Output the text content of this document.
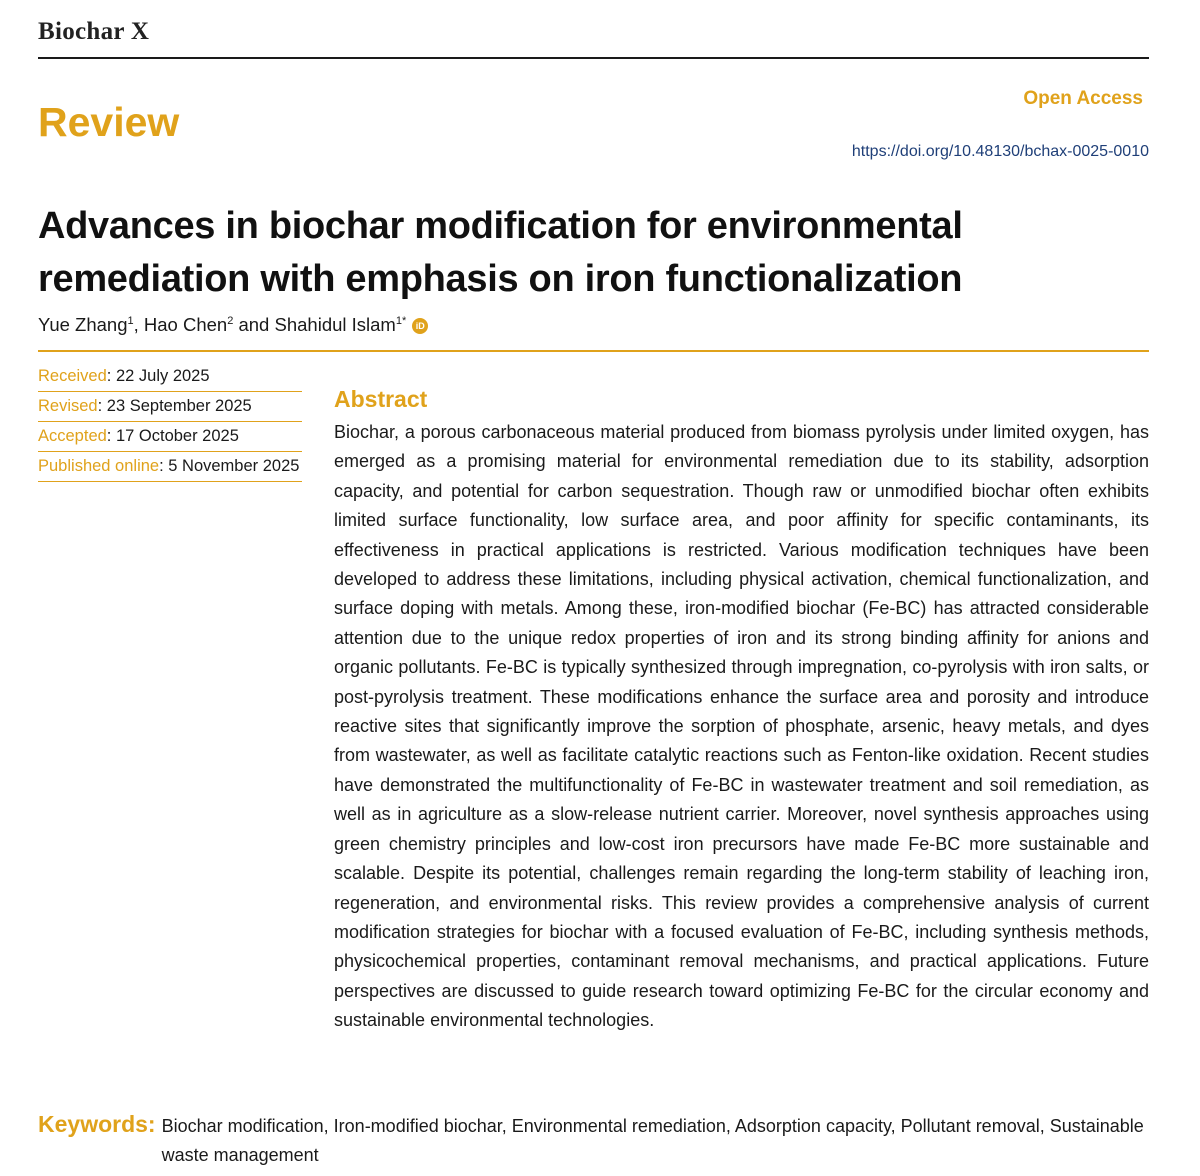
Biochar X
Open Access
Review
https://doi.org/10.48130/bchax-0025-0010
Advances in biochar modification for environmental remediation with emphasis on iron functionalization
Yue Zhang$^1$, Hao Chen$^2$ and Shahidul Islam$^{1*}$ iD
Received: 22 July 2025
Revised: 23 September 2025
Accepted: 17 October 2025
Published online: 5 November 2025
Abstract

Biochar, a porous carbonaceous material produced from biomass pyrolysis under limited oxygen, has emerged as a promising material for environmental remediation due to its stability, adsorption capacity, and potential for carbon sequestration. Though raw or unmodified biochar often exhibits limited surface functionality, low surface area, and poor affinity for specific contaminants, its effectiveness in practical applications is restricted. Various modification techniques have been developed to address these limitations, including physical activation, chemical functionalization, and surface doping with metals. Among these, iron-modified biochar (Fe-BC) has attracted considerable attention due to the unique redox properties of iron and its strong binding affinity for anions and organic pollutants. Fe-BC is typically synthesized through impregnation, co-pyrolysis with iron salts, or post-pyrolysis treatment. These modifications enhance the surface area and porosity and introduce reactive sites that significantly improve the sorption of phosphate, arsenic, heavy metals, and dyes from wastewater, as well as facilitate catalytic reactions such as Fenton-like oxidation. Recent studies have demonstrated the multifunctionality of Fe-BC in wastewater treatment and soil remediation, as well as in agriculture as a slow-release nutrient carrier. Moreover, novel synthesis approaches using green chemistry principles and low-cost iron precursors have made Fe-BC more sustainable and scalable. Despite its potential, challenges remain regarding the long-term stability of leaching iron, regeneration, and environmental risks. This review provides a comprehensive analysis of current modification strategies for biochar with a focused evaluation of Fe-BC, including synthesis methods, physicochemical properties, contaminant removal mechanisms, and practical applications. Future perspectives are discussed to guide research toward optimizing Fe-BC for the circular economy and sustainable environmental technologies.

Keywords: Biochar modification, Iron-modified biochar, Environmental remediation, Adsorption capacity, Pollutant removal, Sustainable waste management
